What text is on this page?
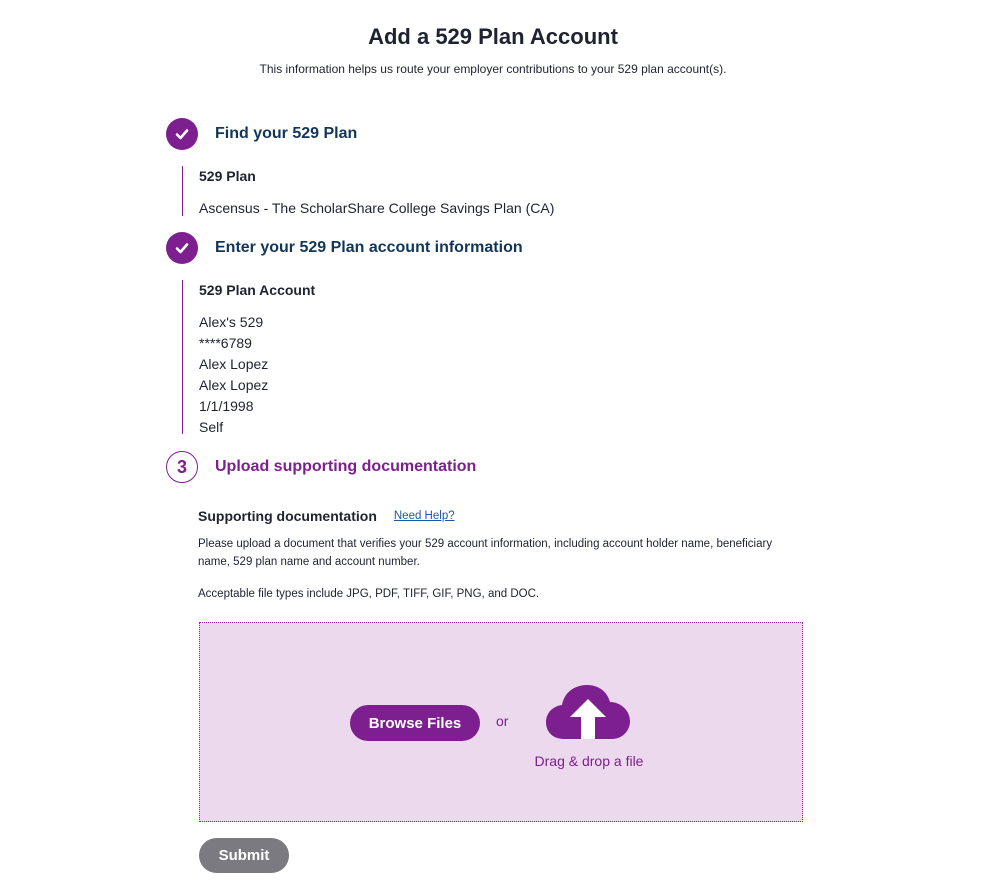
Add a 529 Plan Account

This information helps us route your employer contributions to your 529 plan account(s).

Find your 529 Plan

529 Plan

Ascensus - The ScholarShare College Savings Plan (CA)

Enter your 529 Plan account information

529 Plan Account

Alex's 529

****6789

Alex Lopez

Alex Lopez

1/1/1998

Self

3	Upload supporting documentation
Supporting documentation Need Help?

Please upload a document that verifies your 529 account information, including account holder name, beneficiary name, 529 plan name and account number.

Acceptable file types include JPG, PDF, TIFF, GIF, PNG, and DOC.

Browse Files	or
Drag & drop a file
Submit
